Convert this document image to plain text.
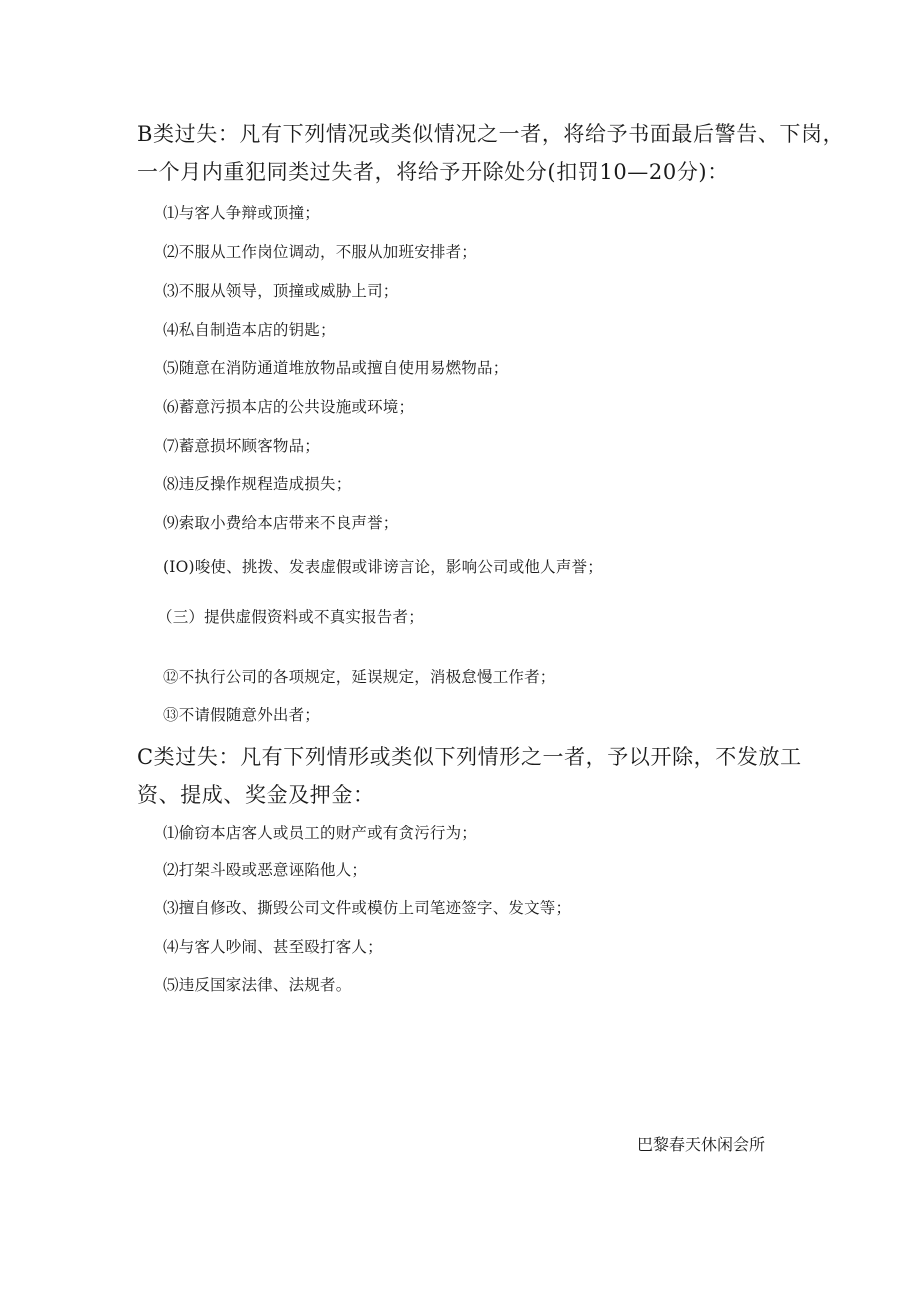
B类过失：凡有下列情况或类似情况之一者，将给予书面最后警告、下岗，

一个月内重犯同类过失者，将给予开除处分(扣罚10—20分)：

⑴与客人争辩或顶撞；

⑵不服从工作岗位调动，不服从加班安排者；

⑶不服从领导，顶撞或威胁上司；

⑷私自制造本店的钥匙；

⑸随意在消防通道堆放物品或擅自使用易燃物品；

⑹蓄意污损本店的公共设施或环境；

⑺蓄意损坏顾客物品；

⑻违反操作规程造成损失；

⑼索取小费给本店带来不良声誉；

(IO)唆使、挑拨、发表虚假或诽谤言论，影响公司或他人声誉；

（三）提供虚假资料或不真实报告者；

⑫不执行公司的各项规定，延误规定，消极怠慢工作者；

⑬不请假随意外出者；

C类过失：凡有下列情形或类似下列情形之一者，予以开除，不发放工

资、提成、奖金及押金：

⑴偷窃本店客人或员工的财产或有贪污行为；

⑵打架斗殴或恶意诬陷他人；

⑶擅自修改、撕毁公司文件或模仿上司笔迹签字、发文等；

⑷与客人吵闹、甚至殴打客人；

⑸违反国家法律、法规者。

巴黎春天休闲会所
